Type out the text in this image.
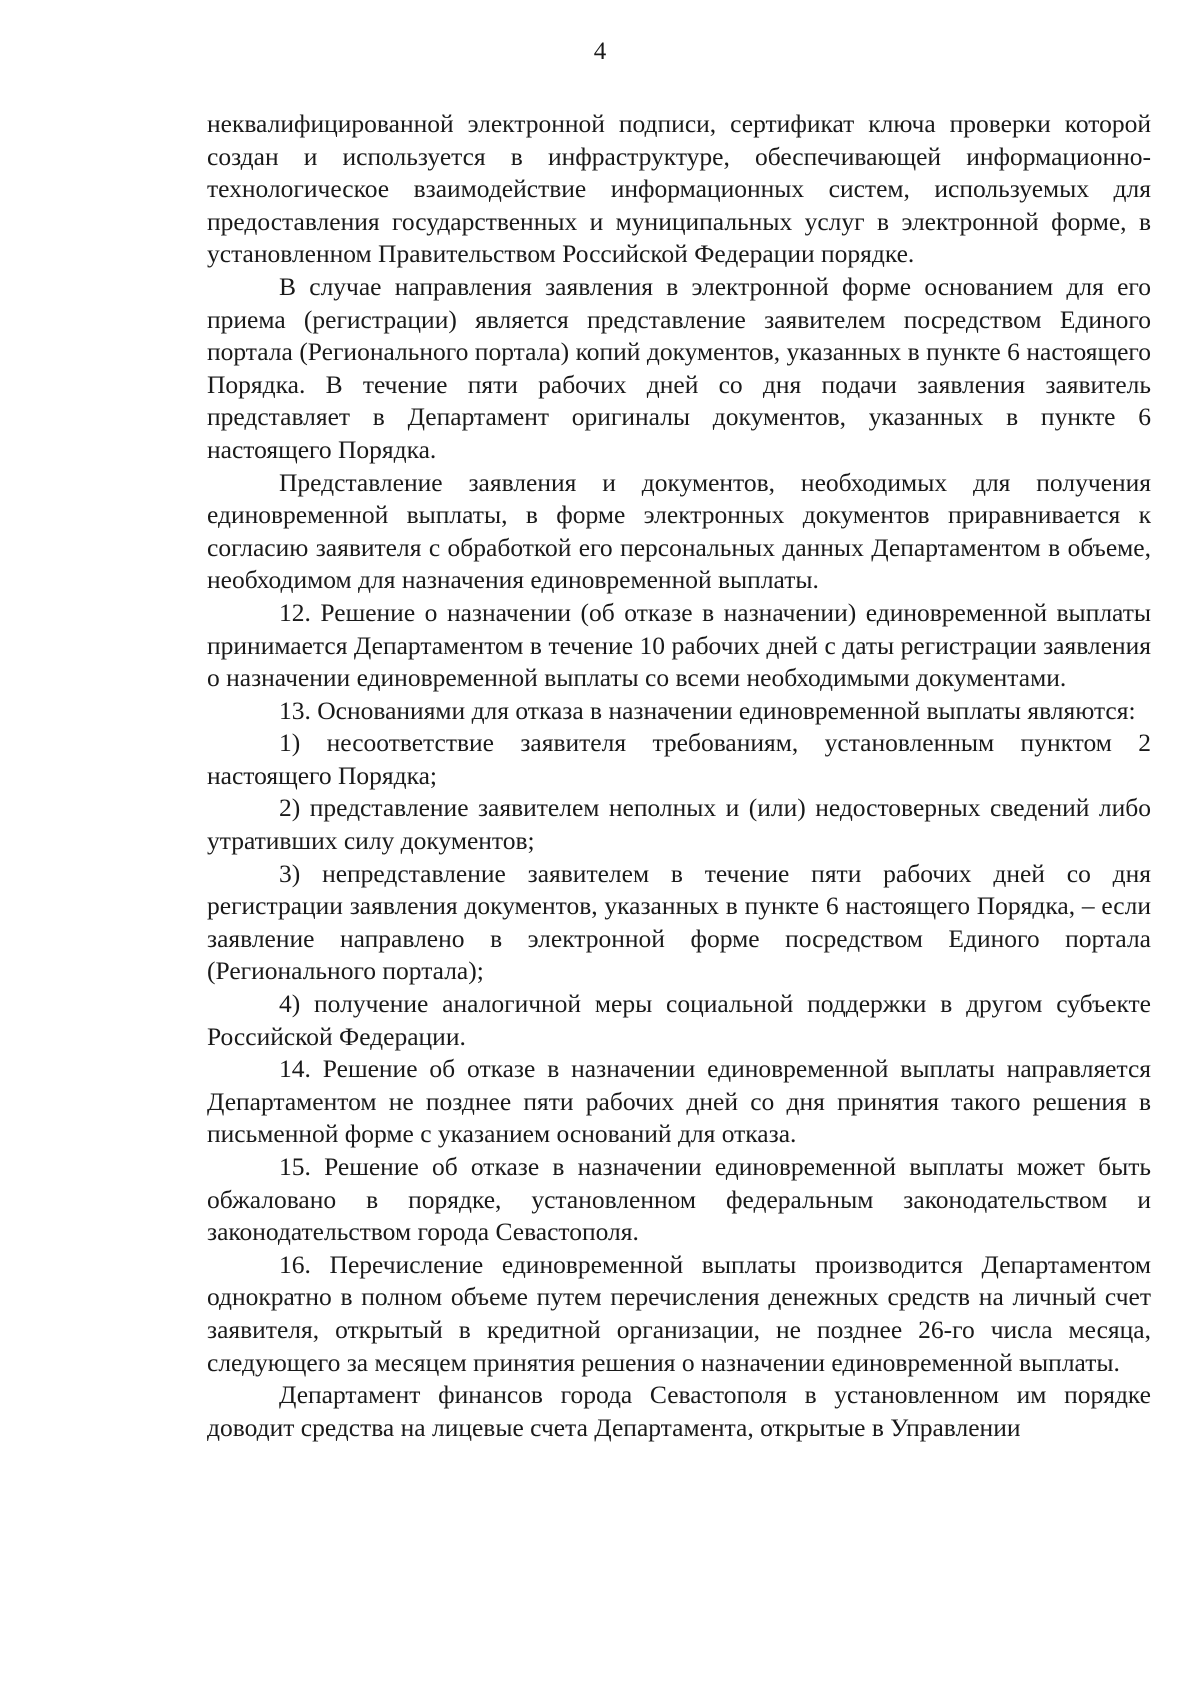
4

неквалифицированной электронной подписи, сертификат ключа проверки которой создан и используется в инфраструктуре, обеспечивающей информационно-технологическое взаимодействие информационных систем, используемых для предоставления государственных и муниципальных услуг в электронной форме, в установленном Правительством Российской Федерации порядке.

В случае направления заявления в электронной форме основанием для его приема (регистрации) является представление заявителем посредством Единого портала (Регионального портала) копий документов, указанных в пункте 6 настоящего Порядка. В течение пяти рабочих дней со дня подачи заявления заявитель представляет в Департамент оригиналы документов, указанных в пункте 6 настоящего Порядка.

Представление заявления и документов, необходимых для получения единовременной выплаты, в форме электронных документов приравнивается к согласию заявителя с обработкой его персональных данных Департаментом в объеме, необходимом для назначения единовременной выплаты.

12. Решение о назначении (об отказе в назначении) единовременной выплаты принимается Департаментом в течение 10 рабочих дней с даты регистрации заявления о назначении единовременной выплаты со всеми необходимыми документами.

13. Основаниями для отказа в назначении единовременной выплаты являются:

1) несоответствие заявителя требованиям, установленным пунктом 2 настоящего Порядка;

2) представление заявителем неполных и (или) недостоверных сведений либо утративших силу документов;

3) непредставление заявителем в течение пяти рабочих дней со дня регистрации заявления документов, указанных в пункте 6 настоящего Порядка, – если заявление направлено в электронной форме посредством Единого портала (Регионального портала);

4) получение аналогичной меры социальной поддержки в другом субъекте Российской Федерации.

14. Решение об отказе в назначении единовременной выплаты направляется Департаментом не позднее пяти рабочих дней со дня принятия такого решения в письменной форме с указанием оснований для отказа.

15. Решение об отказе в назначении единовременной выплаты может быть обжаловано в порядке, установленном федеральным законодательством и законодательством города Севастополя.

16. Перечисление единовременной выплаты производится Департаментом однократно в полном объеме путем перечисления денежных средств на личный счет заявителя, открытый в кредитной организации, не позднее 26-го числа месяца, следующего за месяцем принятия решения о назначении единовременной выплаты.

Департамент финансов города Севастополя в установленном им порядке доводит средства на лицевые счета Департамента, открытые в Управлении
